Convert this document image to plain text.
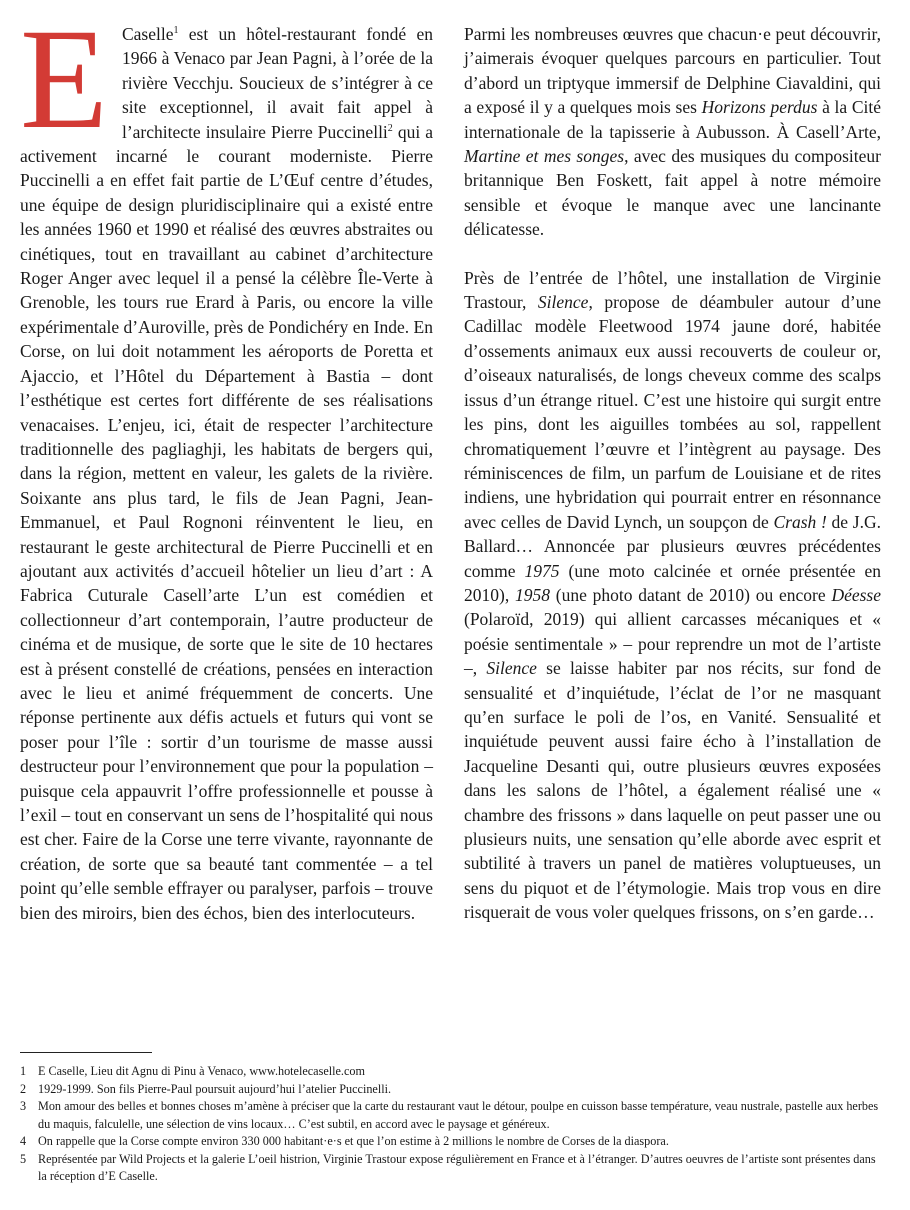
E Caselle$^1$ est un hôtel-restaurant fondé en 1966 à Venaco par Jean Pagni, à l’orée de la rivière Vecchju. Soucieux de s’intégrer à ce site exceptionnel, il avait fait appel à l’architecte insulaire Pierre Puccinelli$^2$ qui a activement incarné le courant moderniste. Pierre Puccinelli a en effet fait partie de L’Œuf centre d’études, une équipe de design pluridisciplinaire qui a existé entre les années 1960 et 1990 et réalisé des œuvres abstraites ou cinétiques, tout en travaillant au cabinet d’architecture Roger Anger avec lequel il a pensé la célèbre Île-Verte à Grenoble, les tours rue Erard à Paris, ou encore la ville expérimentale d’Auroville, près de Pondichéry en Inde. En Corse, on lui doit notamment les aéroports de Poretta et Ajaccio, et l’Hôtel du Département à Bastia – dont l’esthétique est certes fort différente de ses réalisations venacaises. L’enjeu, ici, était de respecter l’architecture traditionnelle des pagliaghji, les habitats de bergers qui, dans la région, mettent en valeur, les galets de la rivière. Soixante ans plus tard, le fils de Jean Pagni, Jean-Emmanuel, et Paul Rognoni réinventent le lieu, en restaurant le geste architectural de Pierre Puccinelli et en ajoutant aux activités d’accueil hôtelier un lieu d’art : A Fabrica Cuturale Casell’arte L’un est comédien et collectionneur d’art contemporain, l’autre producteur de cinéma et de musique, de sorte que le site de 10 hectares est à présent constellé de créations, pensées en interaction avec le lieu et animé fréquemment de concerts. Une réponse pertinente aux défis actuels et futurs qui vont se poser pour l’île : sortir d’un tourisme de masse aussi destructeur pour l’environnement que pour la population – puisque cela appauvrit l’offre professionnelle et pousse à l’exil – tout en conservant un sens de l’hospitalité qui nous est cher. Faire de la Corse une terre vivante, rayonnante de création, de sorte que sa beauté tant commentée – a tel point qu’elle semble effrayer ou paralyser, parfois – trouve bien des miroirs, bien des échos, bien des interlocuteurs.

Parmi les nombreuses œuvres que chacun·e peut découvrir, j’aimerais évoquer quelques parcours en particulier. Tout d’abord un triptyque immersif de Delphine Ciavaldini, qui a exposé il y a quelques mois ses Horizons perdus à la Cité internationale de la tapisserie à Aubusson. À Casell’Arte, Martine et mes songes, avec des musiques du compositeur britannique Ben Foskett, fait appel à notre mémoire sensible et évoque le manque avec une lancinante délicatesse.

Près de l’entrée de l’hôtel, une installation de Virginie Trastour, Silence, propose de déambuler autour d’une Cadillac modèle Fleetwood 1974 jaune doré, habitée d’ossements animaux eux aussi recouverts de couleur or, d’oiseaux naturalisés, de longs cheveux comme des scalps issus d’un étrange rituel. C’est une histoire qui surgit entre les pins, dont les aiguilles tombées au sol, rappellent chromatiquement l’œuvre et l’intègrent au paysage. Des réminiscences de film, un parfum de Louisiane et de rites indiens, une hybridation qui pourrait entrer en résonnance avec celles de David Lynch, un soupçon de Crash ! de J.G. Ballard… Annoncée par plusieurs œuvres précédentes comme 1975 (une moto calcinée et ornée présentée en 2010), 1958 (une photo datant de 2010) ou encore Déesse (Polaroïd, 2019) qui allient carcasses mécaniques et « poésie sentimentale » – pour reprendre un mot de l’artiste –, Silence se laisse habiter par nos récits, sur fond de sensualité et d’inquiétude, l’éclat de l’or ne masquant qu’en surface le poli de l’os, en Vanité. Sensualité et inquiétude peuvent aussi faire écho à l’installation de Jacqueline Desanti qui, outre plusieurs œuvres exposées dans les salons de l’hôtel, a également réalisé une « chambre des frissons » dans laquelle on peut passer une ou plusieurs nuits, une sensation qu’elle aborde avec esprit et subtilité à travers un panel de matières voluptueuses, un sens du piquot et de l’étymologie. Mais trop vous en dire risquerait de vous voler quelques frissons, on s’en garde…

1 E Caselle, Lieu dit Agnu di Pinu à Venaco, www.hotelecaselle.com
2 1929-1999. Son fils Pierre-Paul poursuit aujourd’hui l’atelier Puccinelli.
3 Mon amour des belles et bonnes choses m’amène à préciser que la carte du restaurant vaut le détour, poulpe en cuisson basse température, veau nustrale, pastelle aux herbes du maquis, falculelle, une sélection de vins locaux… C’est subtil, en accord avec le paysage et généreux.
4 On rappelle que la Corse compte environ 330 000 habitant·e·s et que l’on estime à 2 millions le nombre de Corses de la diaspora.
5 Représentée par Wild Projects et la galerie L’oeil histrion, Virginie Trastour expose régulièrement en France et à l’étranger. D’autres oeuvres de l’artiste sont présentes dans la réception d’E Caselle.
